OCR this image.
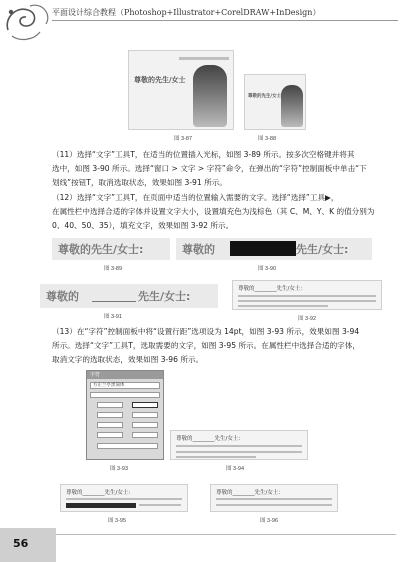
平面设计综合教程（Photoshop+Illustrator+CorelDRAW+InDesign）
尊敬的先生/女士
图 3-87
尊敬的先生/女士
图 3-88

（11）选择“文字”工具T，在适当的位置插入光标，如图 3-89 所示。按多次空格键并将其

选中，如图 3-90 所示。选择“窗口 > 文字 > 字符”命令，在弹出的“字符”控制面板中单击“下

划线”按钮T，取消选取状态，效果如图 3-91 所示。

（12）选择“文字”工具T，在页面中适当的位置输入需要的文字。选择“选择”工具▶，

在属性栏中选择合适的字体并设置文字大小，设置填充色为浅棕色（其 C、M、Y、K 的值分别为

0、40、50、35），填充文字，效果如图 3-92 所示。

尊敬的先生/女士:
图 3-89
尊敬的	先生/女士:
图 3-90
尊敬的	先生/女士:
图 3-91
尊敬的________先生/女士：
图 3-92

（13）在“字符”控制面板中将“设置行距”选项设为 14pt，如图 3-93 所示，效果如图 3-94

所示。选择“文字”工具T，选取需要的文字，如图 3-95 所示。在属性栏中选择合适的字体，

取消文字的选取状态，效果如图 3-96 所示。

字符
方正兰亭黑简体
图 3-93
尊敬的________先生/女士：
图 3-94
尊敬的________先生/女士：
图 3-95
尊敬的________先生/女士：
图 3-96
56
